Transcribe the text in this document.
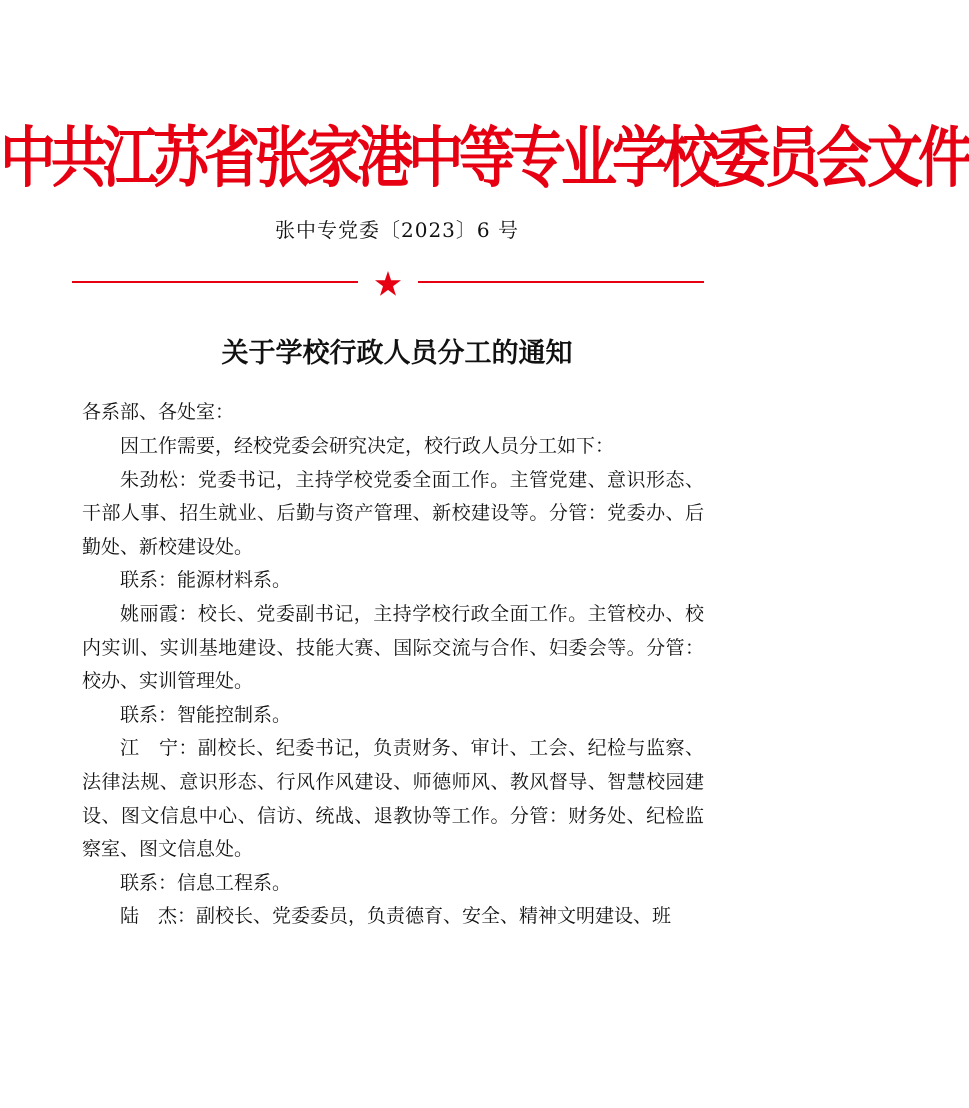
中共江苏省张家港中等专业学校委员会文件
张中专党委〔2023〕6 号
关于学校行政人员分工的通知
各系部、各处室：

因工作需要，经校党委会研究决定，校行政人员分工如下：

朱劲松：党委书记，主持学校党委全面工作。主管党建、意识形态、干部人事、招生就业、后勤与资产管理、新校建设等。分管：党委办、后勤处、新校建设处。

联系：能源材料系。

姚丽霞：校长、党委副书记，主持学校行政全面工作。主管校办、校内实训、实训基地建设、技能大赛、国际交流与合作、妇委会等。分管：校办、实训管理处。

联系：智能控制系。

江　宁：副校长、纪委书记，负责财务、审计、工会、纪检与监察、法律法规、意识形态、行风作风建设、师德师风、教风督导、智慧校园建设、图文信息中心、信访、统战、退教协等工作。分管：财务处、纪检监察室、图文信息处。

联系：信息工程系。

陆　杰：副校长、党委委员，负责德育、安全、精神文明建设、班
